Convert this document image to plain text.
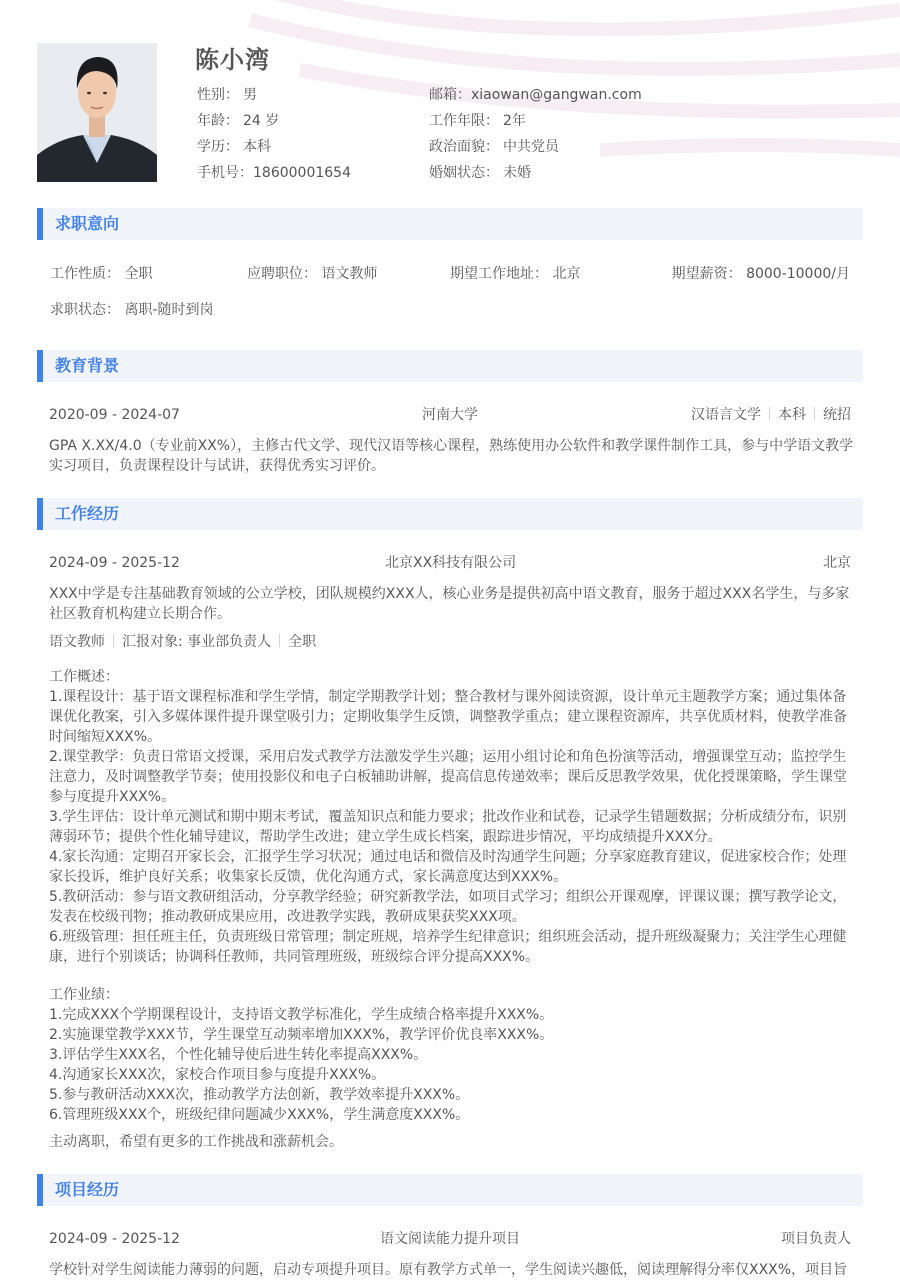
陈小湾
性别： 男
年龄： 24 岁
学历： 本科
手机号：18600001654
邮箱：xiaowan@gangwan.com
工作年限： 2年
政治面貌： 中共党员
婚姻状态： 未婚
求职意向
工作性质： 全职	应聘职位： 语文教师	期望工作地址： 北京	期望薪资： 8000-10000/月
求职状态： 离职-随时到岗
教育背景
2020-09 - 2024-07	河南大学	汉语言文学 本科 统招
GPA X.XX/4.0（专业前XX%），主修古代文学、现代汉语等核心课程，熟练使用办公软件和教学课件制作工具，参与中学语文教学实习项目，负责课程设计与试讲，获得优秀实习评价。
工作经历
2024-09 - 2025-12	北京XX科技有限公司	北京
XXX中学是专注基础教育领域的公立学校，团队规模约XXX人，核心业务是提供初高中语文教育，服务于超过XXX名学生，与多家社区教育机构建立长期合作。
语文教师 汇报对象: 事业部负责人 全职
工作概述：
1.课程设计：基于语文课程标准和学生学情，制定学期教学计划；整合教材与课外阅读资源，设计单元主题教学方案；通过集体备课优化教案，引入多媒体课件提升课堂吸引力；定期收集学生反馈，调整教学重点；建立课程资源库，共享优质材料，使教学准备时间缩短XXX%。
2.课堂教学：负责日常语文授课，采用启发式教学方法激发学生兴趣；运用小组讨论和角色扮演等活动，增强课堂互动；监控学生注意力，及时调整教学节奏；使用投影仪和电子白板辅助讲解，提高信息传递效率；课后反思教学效果，优化授课策略，学生课堂参与度提升XXX%。
3.学生评估：设计单元测试和期中期末考试，覆盖知识点和能力要求；批改作业和试卷，记录学生错题数据；分析成绩分布，识别薄弱环节；提供个性化辅导建议，帮助学生改进；建立学生成长档案，跟踪进步情况，平均成绩提升XXX分。
4.家长沟通：定期召开家长会，汇报学生学习状况；通过电话和微信及时沟通学生问题；分享家庭教育建议，促进家校合作；处理家长投诉，维护良好关系；收集家长反馈，优化沟通方式，家长满意度达到XXX%。
5.教研活动：参与语文教研组活动，分享教学经验；研究新教学法，如项目式学习；组织公开课观摩，评课议课；撰写教学论文，发表在校级刊物；推动教研成果应用，改进教学实践，教研成果获奖XXX项。
6.班级管理：担任班主任，负责班级日常管理；制定班规，培养学生纪律意识；组织班会活动，提升班级凝聚力；关注学生心理健康，进行个别谈话；协调科任教师，共同管理班级，班级综合评分提高XXX%。
工作业绩：
1.完成XXX个学期课程设计，支持语文教学标准化，学生成绩合格率提升XXX%。
2.实施课堂教学XXX节，学生课堂互动频率增加XXX%，教学评价优良率XXX%。
3.评估学生XXX名，个性化辅导使后进生转化率提高XXX%。
4.沟通家长XXX次，家校合作项目参与度提升XXX%。
5.参与教研活动XXX次，推动教学方法创新，教学效率提升XXX%。
6.管理班级XXX个，班级纪律问题减少XXX%，学生满意度XXX%。
主动离职，希望有更多的工作挑战和涨薪机会。
项目经历
2024-09 - 2025-12	语文阅读能力提升项目	项目负责人
学校针对学生阅读能力薄弱的问题，启动专项提升项目。原有教学方式单一，学生阅读兴趣低，阅读理解得分率仅XXX%，项目旨
